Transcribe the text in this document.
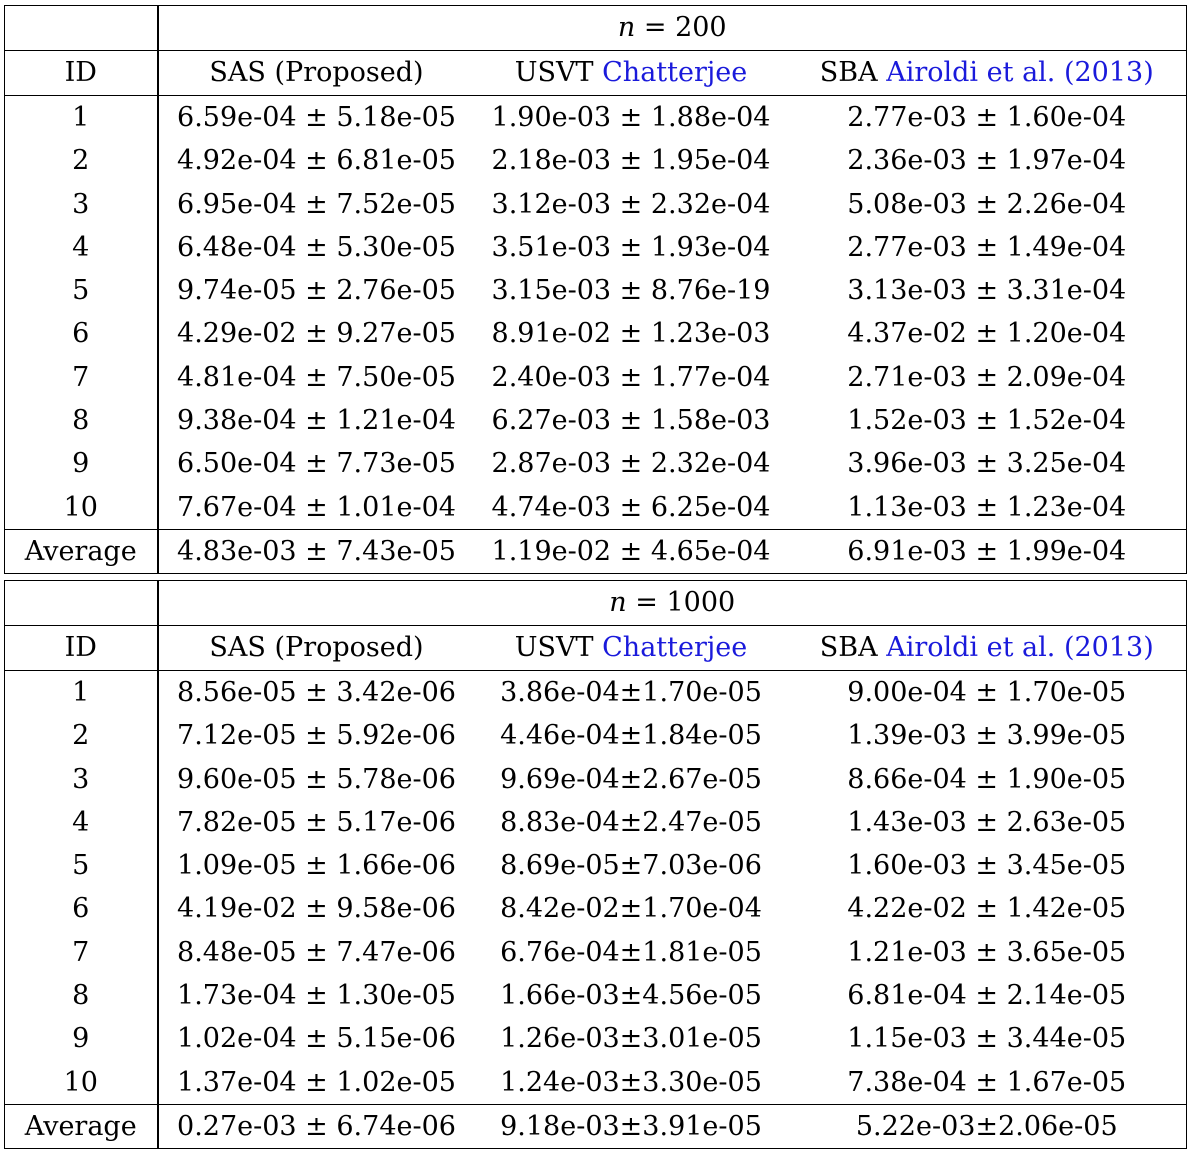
	n = 200		
ID	SAS (Proposed)	USVT Chatterjee	SBA Airoldi et al. (2013)
1	6.59e-04 ± 5.18e-05	1.90e-03 ± 1.88e-04	2.77e-03 ± 1.60e-04
2	4.92e-04 ± 6.81e-05	2.18e-03 ± 1.95e-04	2.36e-03 ± 1.97e-04
3	6.95e-04 ± 7.52e-05	3.12e-03 ± 2.32e-04	5.08e-03 ± 2.26e-04
4	6.48e-04 ± 5.30e-05	3.51e-03 ± 1.93e-04	2.77e-03 ± 1.49e-04
5	9.74e-05 ± 2.76e-05	3.15e-03 ± 8.76e-19	3.13e-03 ± 3.31e-04
6	4.29e-02 ± 9.27e-05	8.91e-02 ± 1.23e-03	4.37e-02 ± 1.20e-04
7	4.81e-04 ± 7.50e-05	2.40e-03 ± 1.77e-04	2.71e-03 ± 2.09e-04
8	9.38e-04 ± 1.21e-04	6.27e-03 ± 1.58e-03	1.52e-03 ± 1.52e-04
9	6.50e-04 ± 7.73e-05	2.87e-03 ± 2.32e-04	3.96e-03 ± 3.25e-04
10	7.67e-04 ± 1.01e-04	4.74e-03 ± 6.25e-04	1.13e-03 ± 1.23e-04
Average	4.83e-03 ± 7.43e-05	1.19e-02 ± 4.65e-04	6.91e-03 ± 1.99e-04
	n = 1000		
ID	SAS (Proposed)	USVT Chatterjee	SBA Airoldi et al. (2013)
1	8.56e-05 ± 3.42e-06	3.86e-04±1.70e-05	9.00e-04 ± 1.70e-05
2	7.12e-05 ± 5.92e-06	4.46e-04±1.84e-05	1.39e-03 ± 3.99e-05
3	9.60e-05 ± 5.78e-06	9.69e-04±2.67e-05	8.66e-04 ± 1.90e-05
4	7.82e-05 ± 5.17e-06	8.83e-04±2.47e-05	1.43e-03 ± 2.63e-05
5	1.09e-05 ± 1.66e-06	8.69e-05±7.03e-06	1.60e-03 ± 3.45e-05
6	4.19e-02 ± 9.58e-06	8.42e-02±1.70e-04	4.22e-02 ± 1.42e-05
7	8.48e-05 ± 7.47e-06	6.76e-04±1.81e-05	1.21e-03 ± 3.65e-05
8	1.73e-04 ± 1.30e-05	1.66e-03±4.56e-05	6.81e-04 ± 2.14e-05
9	1.02e-04 ± 5.15e-06	1.26e-03±3.01e-05	1.15e-03 ± 3.44e-05
10	1.37e-04 ± 1.02e-05	1.24e-03±3.30e-05	7.38e-04 ± 1.67e-05
Average	0.27e-03 ± 6.74e-06	9.18e-03±3.91e-05	5.22e-03±2.06e-05
